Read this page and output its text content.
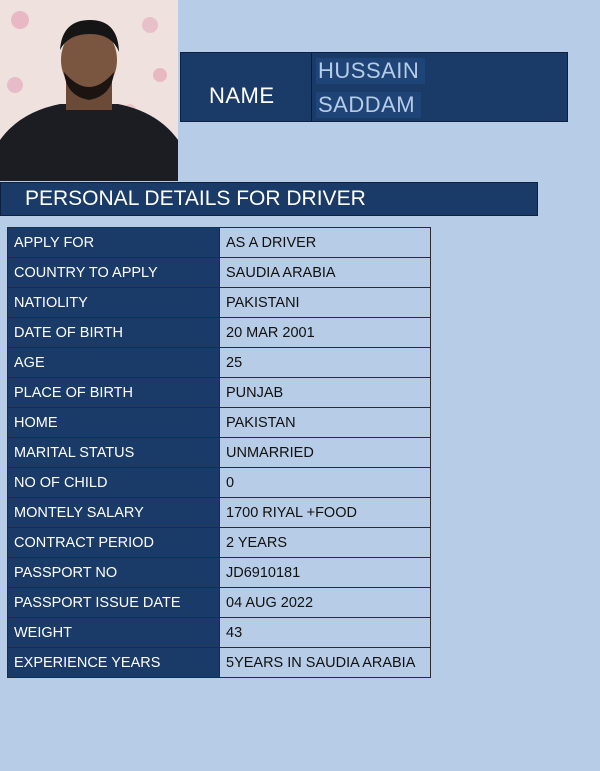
NAME
HUSSAIN
SADDAM
PERSONAL DETAILS FOR DRIVER
APPLY FOR	AS A DRIVER
COUNTRY TO APPLY	SAUDIA ARABIA
NATIOLITY	PAKISTANI
DATE OF BIRTH	20 MAR 2001
AGE	25
PLACE OF BIRTH	PUNJAB
HOME	PAKISTAN
MARITAL STATUS	UNMARRIED
NO OF CHILD	0
MONTELY SALARY	1700 RIYAL +FOOD
CONTRACT PERIOD	2 YEARS
PASSPORT NO	JD6910181
PASSPORT ISSUE DATE	04 AUG 2022
WEIGHT	43
EXPERIENCE YEARS	5YEARS IN SAUDIA ARABIA
